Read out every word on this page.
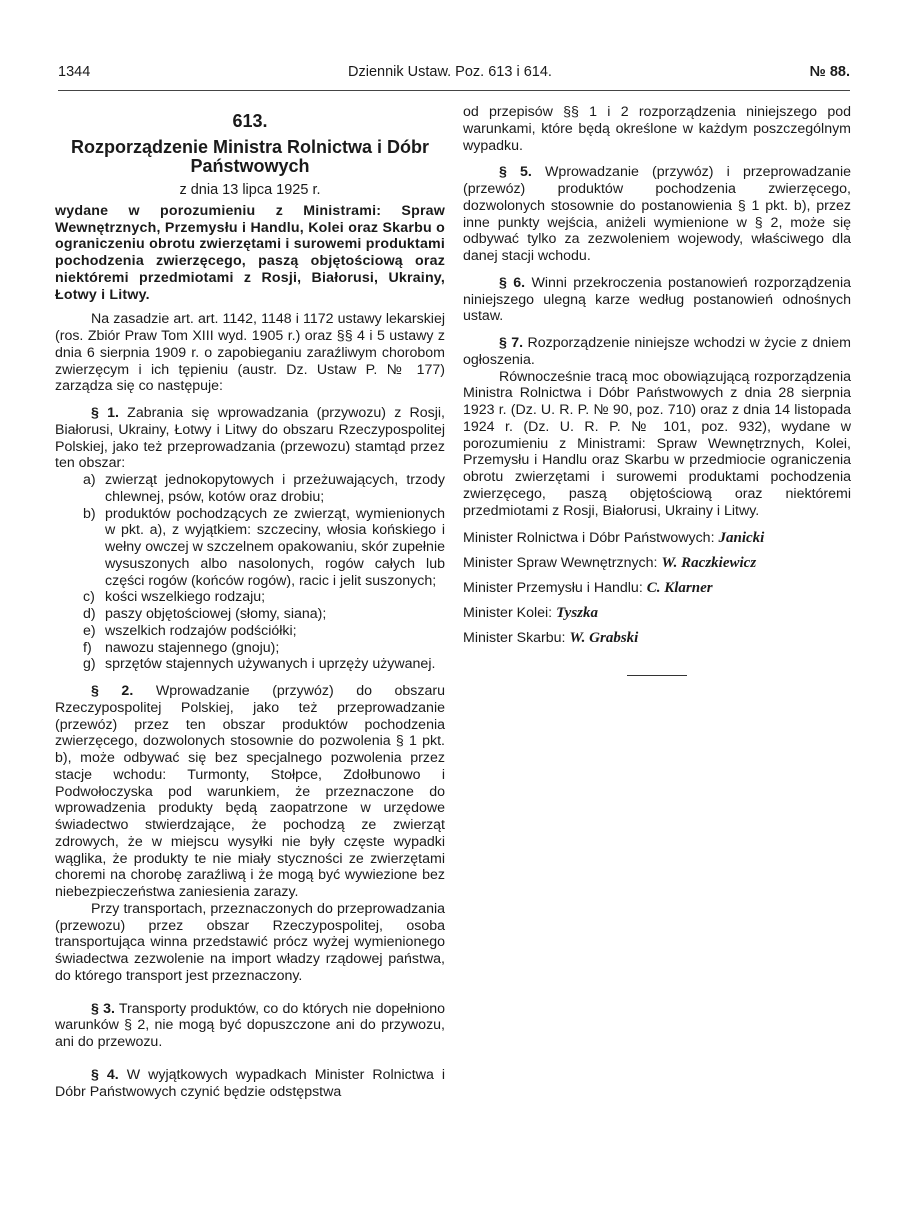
1344	Dziennik Ustaw. Poz. 613 i 614.	№ 88.
613.
Rozporządzenie Ministra Rolnictwa i Dóbr Państwowych
z dnia 13 lipca 1925 r.

wydane w porozumieniu z Ministrami: Spraw Wewnętrznych, Przemysłu i Handlu, Kolei oraz Skarbu o ograniczeniu obrotu zwierzętami i surowemi produktami pochodzenia zwierzęcego, paszą objętościową oraz niektóremi przedmiotami z Rosji, Białorusi, Ukrainy, Łotwy i Litwy.

Na zasadzie art. art. 1142, 1148 i 1172 ustawy lekarskiej (ros. Zbiór Praw Tom XIII wyd. 1905 r.) oraz §§ 4 i 5 ustawy z dnia 6 sierpnia 1909 r. o zapobieganiu zaraźliwym chorobom zwierzęcym i ich tępieniu (austr. Dz. Ustaw P. № 177) zarządza się co następuje:

§ 1. Zabrania się wprowadzania (przywozu) z Rosji, Białorusi, Ukrainy, Łotwy i Litwy do obszaru Rzeczypospolitej Polskiej, jako też przeprowadzania (przewozu) stamtąd przez ten obszar:

a) zwierząt jednokopytowych i przeżuwających, trzody chlewnej, psów, kotów oraz drobiu;
b) produktów pochodzących ze zwierząt, wymienionych w pkt. a), z wyjątkiem: szczeciny, włosia końskiego i wełny owczej w szczelnem opakowaniu, skór zupełnie wysuszonych albo nasolonych, rogów całych lub części rogów (końców rogów), racic i jelit suszonych;
c) kości wszelkiego rodzaju;
d) paszy objętościowej (słomy, siana);
e) wszelkich rodzajów podściółki;
f) nawozu stajennego (gnoju);
g) sprzętów stajennych używanych i uprzęży używanej.

§ 2. Wprowadzanie (przywóz) do obszaru Rzeczypospolitej Polskiej, jako też przeprowadzanie (przewóz) przez ten obszar produktów pochodzenia zwierzęcego, dozwolonych stosownie do pozwolenia § 1 pkt. b), może odbywać się bez specjalnego pozwolenia przez stacje wchodu: Turmonty, Stołpce, Zdołbunowo i Podwołoczyska pod warunkiem, że przeznaczone do wprowadzenia produkty będą zaopatrzone w urzędowe świadectwo stwierdzające, że pochodzą ze zwierząt zdrowych, że w miejscu wysyłki nie były częste wypadki wąglika, że produkty te nie miały styczności ze zwierzętami choremi na chorobę zaraźliwą i że mogą być wywiezione bez niebezpieczeństwa zaniesienia zarazy.

Przy transportach, przeznaczonych do przeprowadzania (przewozu) przez obszar Rzeczypospolitej, osoba transportująca winna przedstawić prócz wyżej wymienionego świadectwa zezwolenie na import władzy rządowej państwa, do którego transport jest przeznaczony.

§ 3. Transporty produktów, co do których nie dopełniono warunków § 2, nie mogą być dopuszczone ani do przywozu, ani do przewozu.

§ 4. W wyjątkowych wypadkach Minister Rolnictwa i Dóbr Państwowych czynić będzie odstępstwa

od przepisów §§ 1 i 2 rozporządzenia niniejszego pod warunkami, które będą określone w każdym poszczególnym wypadku.

§ 5. Wprowadzanie (przywóz) i przeprowadzanie (przewóz) produktów pochodzenia zwierzęcego, dozwolonych stosownie do postanowienia § 1 pkt. b), przez inne punkty wejścia, aniżeli wymienione w § 2, może się odbywać tylko za zezwoleniem wojewody, właściwego dla danej stacji wchodu.

§ 6. Winni przekroczenia postanowień rozporządzenia niniejszego ulegną karze według postanowień odnośnych ustaw.

§ 7. Rozporządzenie niniejsze wchodzi w życie z dniem ogłoszenia.

Równocześnie tracą moc obowiązującą rozporządzenia Ministra Rolnictwa i Dóbr Państwowych z dnia 28 sierpnia 1923 r. (Dz. U. R. P. № 90, poz. 710) oraz z dnia 14 listopada 1924 r. (Dz. U. R. P. № 101, poz. 932), wydane w porozumieniu z Ministrami: Spraw Wewnętrznych, Kolei, Przemysłu i Handlu oraz Skarbu w przedmiocie ograniczenia obrotu zwierzętami i surowemi produktami pochodzenia zwierzęcego, paszą objętościową oraz niektóremi przedmiotami z Rosji, Białorusi, Ukrainy i Litwy.

Minister Rolnictwa i Dóbr Państwowych: Janicki
Minister Spraw Wewnętrznych: W. Raczkiewicz
Minister Przemysłu i Handlu: C. Klarner
Minister Kolei: Tyszka
Minister Skarbu: W. Grabski
